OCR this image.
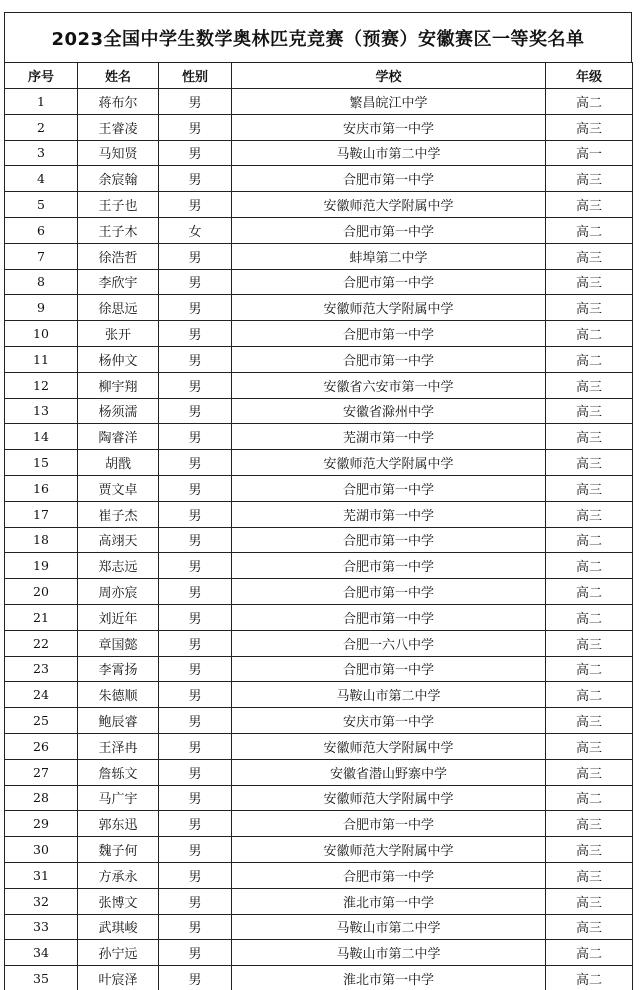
2023全国中学生数学奥林匹克竞赛（预赛）安徽赛区一等奖名单
序号	姓名	性别	学校	年级
1	蒋布尔	男	繁昌皖江中学	高二
2	王睿凌	男	安庆市第一中学	高三
3	马知贤	男	马鞍山市第二中学	高一
4	余宸翰	男	合肥市第一中学	高三
5	王子也	男	安徽师范大学附属中学	高三
6	王子木	女	合肥市第一中学	高二
7	徐浩哲	男	蚌埠第二中学	高三
8	李欣宇	男	合肥市第一中学	高三
9	徐思远	男	安徽师范大学附属中学	高三
10	张开	男	合肥市第一中学	高二
11	杨仲文	男	合肥市第一中学	高二
12	柳宇翔	男	安徽省六安市第一中学	高三
13	杨须濡	男	安徽省滁州中学	高三
14	陶睿洋	男	芜湖市第一中学	高三
15	胡戬	男	安徽师范大学附属中学	高三
16	贾文卓	男	合肥市第一中学	高三
17	崔子杰	男	芜湖市第一中学	高三
18	高翊天	男	合肥市第一中学	高二
19	郑志远	男	合肥市第一中学	高二
20	周亦宸	男	合肥市第一中学	高二
21	刘近年	男	合肥市第一中学	高二
22	章国懿	男	合肥一六八中学	高三
23	李霄扬	男	合肥市第一中学	高二
24	朱德顺	男	马鞍山市第二中学	高二
25	鲍辰睿	男	安庆市第一中学	高三
26	王泽冉	男	安徽师范大学附属中学	高三
27	詹轹文	男	安徽省潜山野寨中学	高三
28	马广宇	男	安徽师范大学附属中学	高二
29	郭东迅	男	合肥市第一中学	高三
30	魏子何	男	安徽师范大学附属中学	高三
31	方承永	男	合肥市第一中学	高三
32	张博文	男	淮北市第一中学	高三
33	武琪峻	男	马鞍山市第二中学	高三
34	孙宁远	男	马鞍山市第二中学	高二
35	叶宸泽	男	淮北市第一中学	高二
